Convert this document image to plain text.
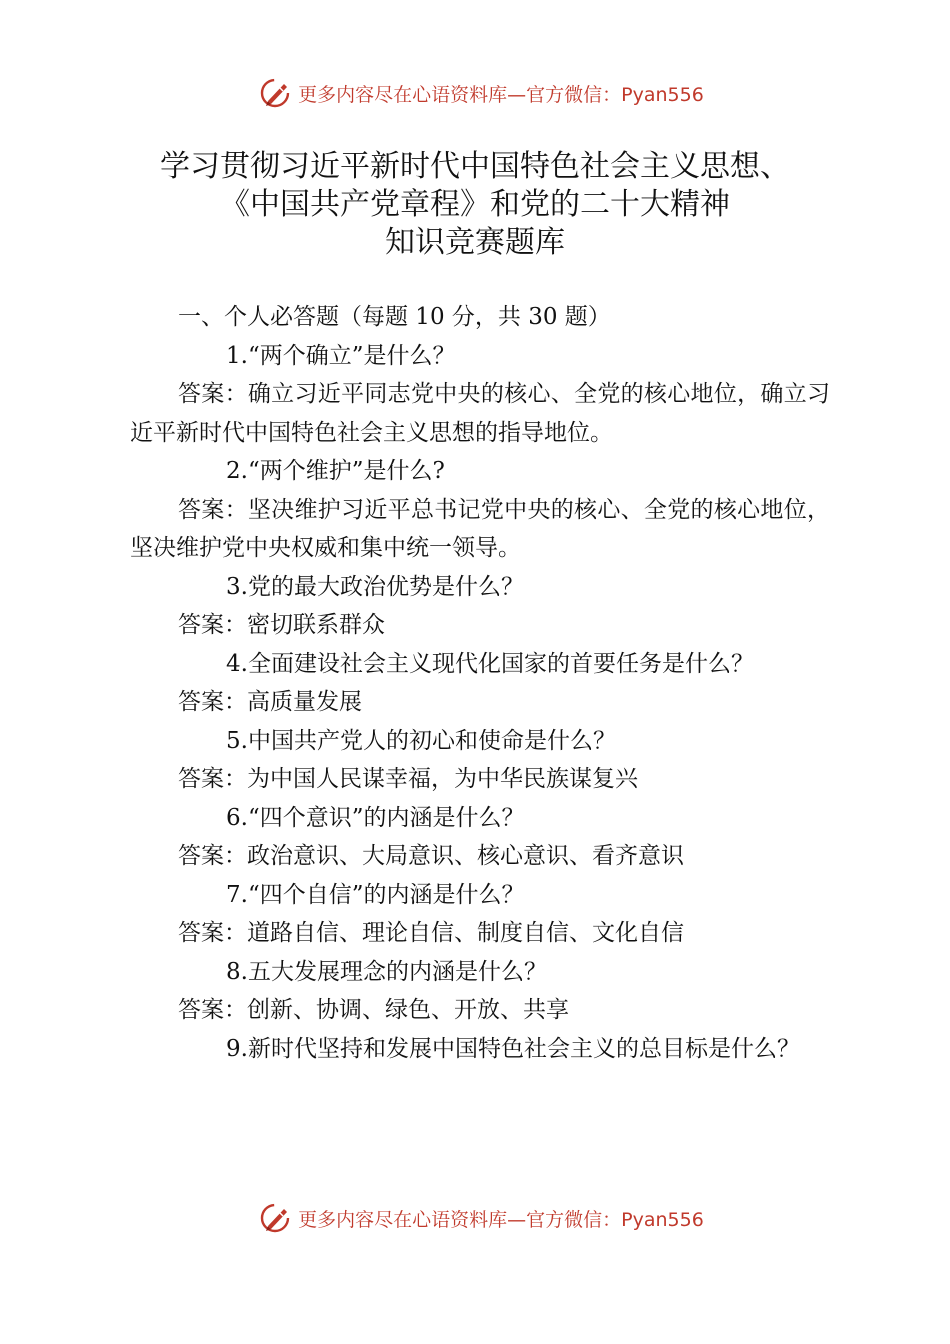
更多内容尽在心语资料库—官方微信：Pyan556
学习贯彻习近平新时代中国特色社会主义思想、
《中国共产党章程》和党的二十大精神
知识竞赛题库
一、个人必答题（每题 10 分，共 30 题）
1.“两个确立”是什么？
答案：确立习近平同志党中央的核心、全党的核心地位，确立习近平新时代中国特色社会主义思想的指导地位。
2.“两个维护”是什么?
答案：坚决维护习近平总书记党中央的核心、全党的核心地位，坚决维护党中央权威和集中统一领导。
3.党的最大政治优势是什么？
答案：密切联系群众
4.全面建设社会主义现代化国家的首要任务是什么？
答案：高质量发展
5.中国共产党人的初心和使命是什么？
答案：为中国人民谋幸福，为中华民族谋复兴
6.“四个意识”的内涵是什么？
答案：政治意识、大局意识、核心意识、看齐意识
7.“四个自信”的内涵是什么？
答案：道路自信、理论自信、制度自信、文化自信
8.五大发展理念的内涵是什么？
答案：创新、协调、绿色、开放、共享
9.新时代坚持和发展中国特色社会主义的总目标是什么？
更多内容尽在心语资料库—官方微信：Pyan556
